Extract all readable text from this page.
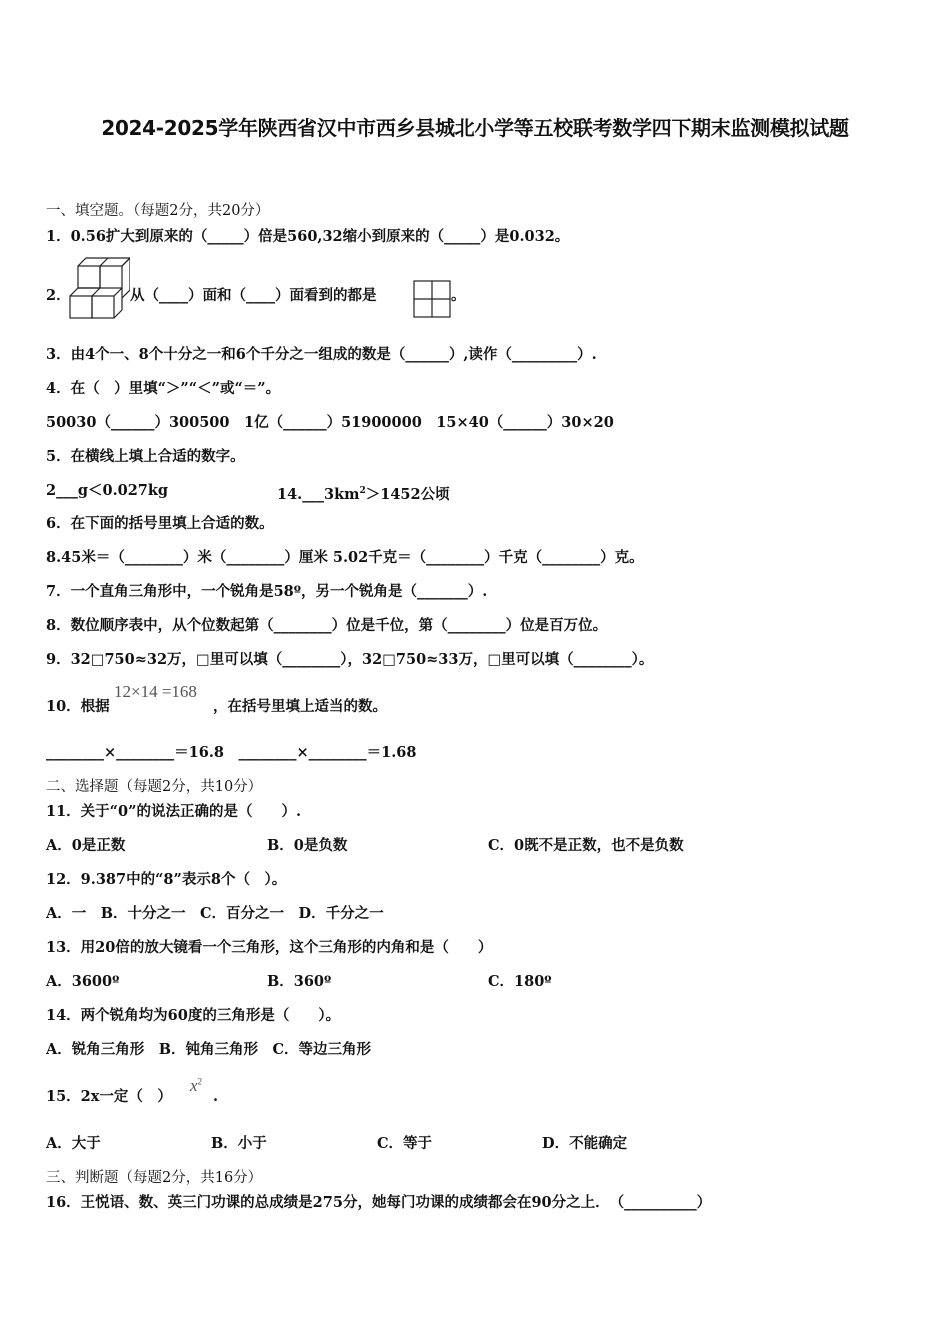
2024-2025学年陕西省汉中市西乡县城北小学等五校联考数学四下期末监测模拟试题
一、填空题。（每题2分，共20分）
1．0.56扩大到原来的（_____）倍是560,32缩小到原来的（_____）是0.032。
2．	从（____）面和（____）面看到的都是	。
3．由4个一、8个十分之一和6个千分之一组成的数是（______）,读作（_________）.
4．在（　）里填“＞”“＜”或“＝”。
50030（______）300500　1亿（______）51900000　15×40（______）30×20
5．在横线上填上合适的数字。
2___g＜0.027kg	$14.\_\_\_3km^2>1452$公顷
6．在下面的括号里填上合适的数。
8.45米＝（________）米（________）厘米 5.02千克＝（________）千克（________）克。
7．一个直角三角形中，一个锐角是58º，另一个锐角是（_______）.
8．数位顺序表中，从个位数起第（________）位是千位，第（________）位是百万位。
9．32□750≈32万，□里可以填（________），32□750≈33万，□里可以填（________）。
10．根据
12×14 =168
，在括号里填上适当的数。
________×________＝16.8　________×________＝1.68
二、选择题（每题2分，共10分）
11．关于“0”的说法正确的是（　　）.
A．0是正数	B．0是负数	C．0既不是正数，也不是负数
12．9.387中的“8”表示8个（　）。
A．一　B．十分之一　C．百分之一　D．千分之一
13．用20倍的放大镜看一个三角形，这个三角形的内角和是（　　）
A．3600º	B．360º	C．180º
14．两个锐角均为60度的三角形是（　　）。
A．锐角三角形　B．钝角三角形　C．等边三角形
15．2x一定（　）
$x^2$
.
A．大于	B．小于	C．等于	D．不能确定
三、判断题（每题2分，共16分）
16．王悦语、数、英三门功课的总成绩是275分，她每门功课的成绩都会在90分之上．　（__________）
